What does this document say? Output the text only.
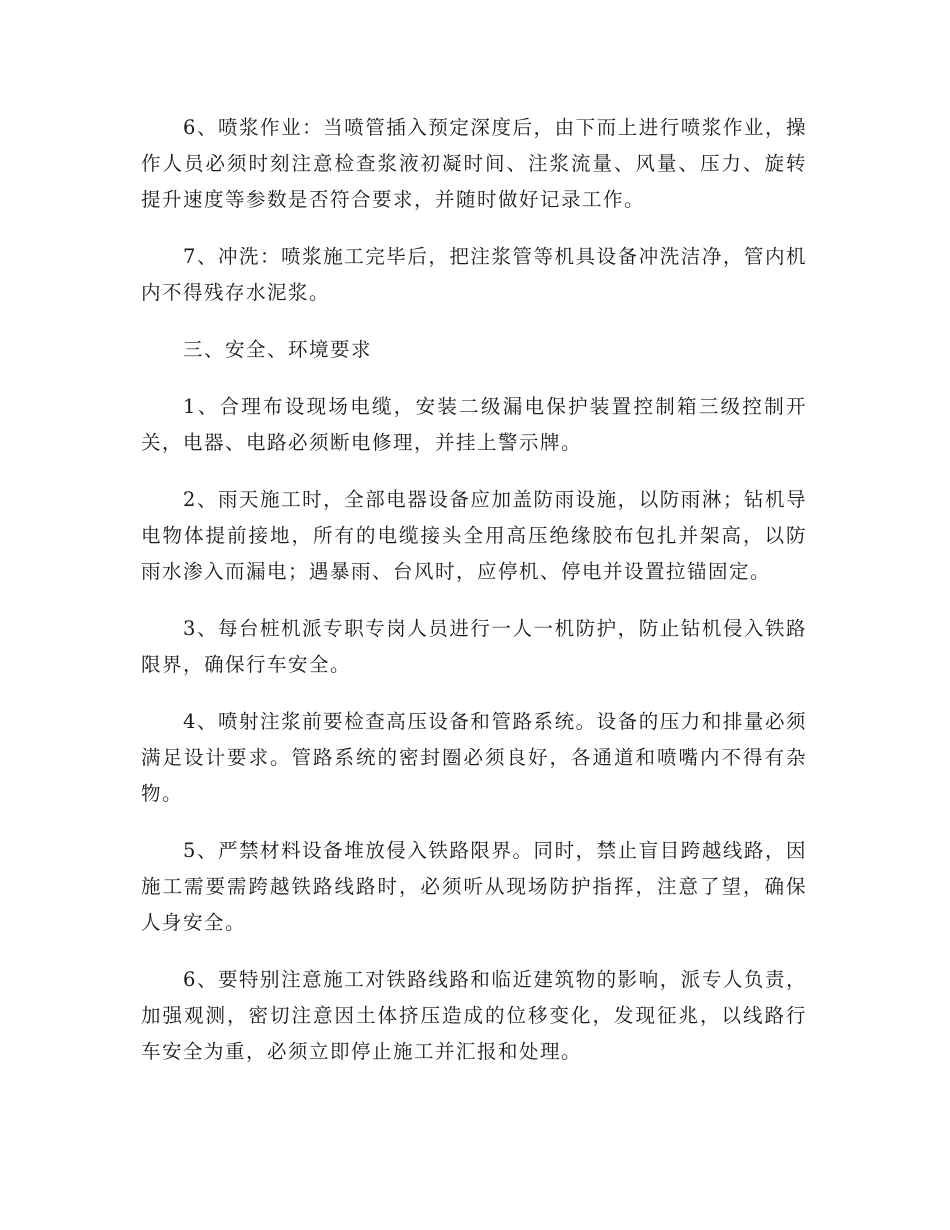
6、喷浆作业：当喷管插入预定深度后，由下而上进行喷浆作业，操作人员必须时刻注意检查浆液初凝时间、注浆流量、风量、压力、旋转提升速度等参数是否符合要求，并随时做好记录工作。

7、冲洗：喷浆施工完毕后，把注浆管等机具设备冲洗洁净，管内机内不得残存水泥浆。

三、安全、环境要求

1、合理布设现场电缆，安装二级漏电保护装置控制箱三级控制开关，电器、电路必须断电修理，并挂上警示牌。

2、雨天施工时，全部电器设备应加盖防雨设施，以防雨淋；钻机导电物体提前接地，所有的电缆接头全用高压绝缘胶布包扎并架高，以防雨水渗入而漏电；遇暴雨、台风时，应停机、停电并设置拉锚固定。

3、每台桩机派专职专岗人员进行一人一机防护，防止钻机侵入铁路限界，确保行车安全。

4、喷射注浆前要检查高压设备和管路系统。设备的压力和排量必须满足设计要求。管路系统的密封圈必须良好，各通道和喷嘴内不得有杂物。

5、严禁材料设备堆放侵入铁路限界。同时，禁止盲目跨越线路，因施工需要需跨越铁路线路时，必须听从现场防护指挥，注意了望，确保人身安全。

6、要特别注意施工对铁路线路和临近建筑物的影响，派专人负责，加强观测，密切注意因土体挤压造成的位移变化，发现征兆，以线路行车安全为重，必须立即停止施工并汇报和处理。
